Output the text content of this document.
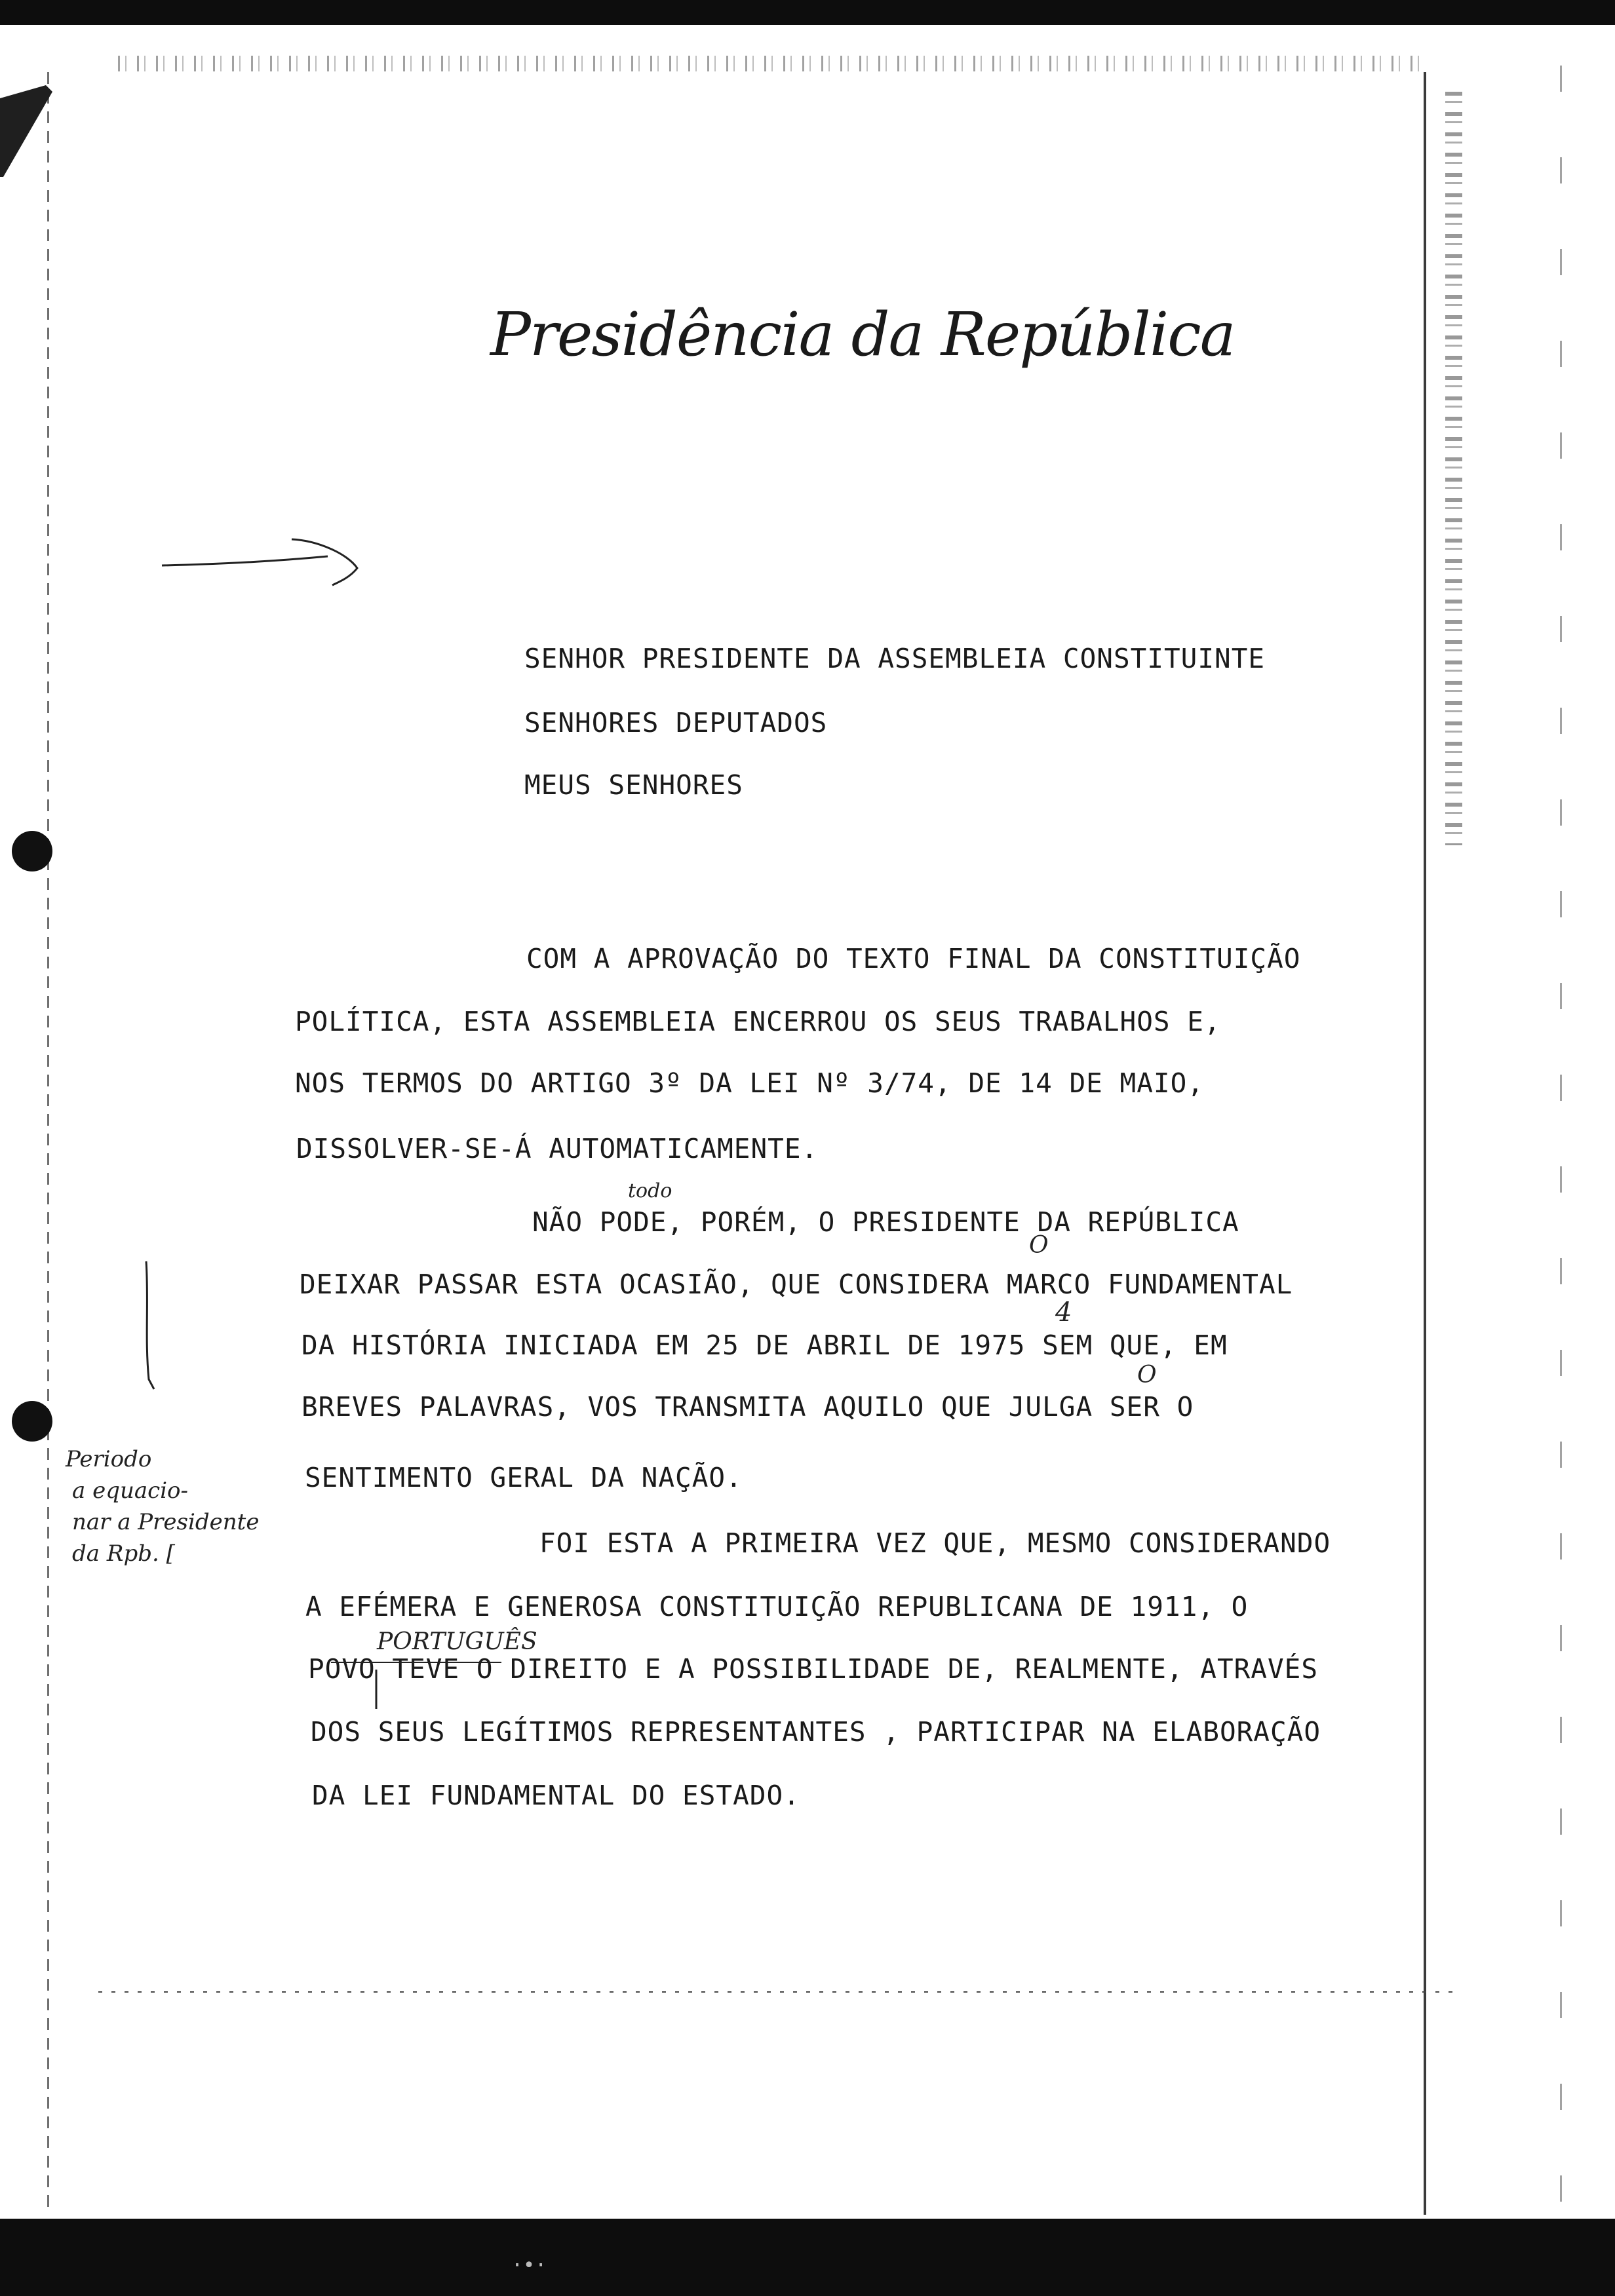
·•·
Presidência da República
SENHOR PRESIDENTE DA ASSEMBLEIA CONSTITUINTE
SENHORES DEPUTADOS
MEUS SENHORES
COM A APROVAÇÃO DO TEXTO FINAL DA CONSTITUIÇÃO
POLÍTICA, ESTA ASSEMBLEIA ENCERROU OS SEUS TRABALHOS E,
NOS TERMOS DO ARTIGO 3º DA LEI Nº 3/74, DE 14 DE MAIO,
DISSOLVER-SE-Á AUTOMATICAMENTE.
NÃO PODE, PORÉM, O PRESIDENTE DA REPÚBLICA
DEIXAR PASSAR ESTA OCASIÃO, QUE CONSIDERA MARCO FUNDAMENTAL
DA HISTÓRIA INICIADA EM 25 DE ABRIL DE 1975 SEM QUE, EM
BREVES PALAVRAS, VOS TRANSMITA AQUILO QUE JULGA SER O
SENTIMENTO GERAL DA NAÇÃO.
FOI ESTA A PRIMEIRA VEZ QUE, MESMO CONSIDERANDO
A EFÉMERA E GENEROSA CONSTITUIÇÃO REPUBLICANA DE 1911, O
POVO TEVE O DIREITO E A POSSIBILIDADE DE, REALMENTE, ATRAVÉS
DOS SEUS LEGÍTIMOS REPRESENTANTES , PARTICIPAR NA ELABORAÇÃO
DA LEI FUNDAMENTAL DO ESTADO.
PORTUGUÊS
O
4
O
todo
Periodo
a equacio-
nar a Presidente
da Rpb. [
